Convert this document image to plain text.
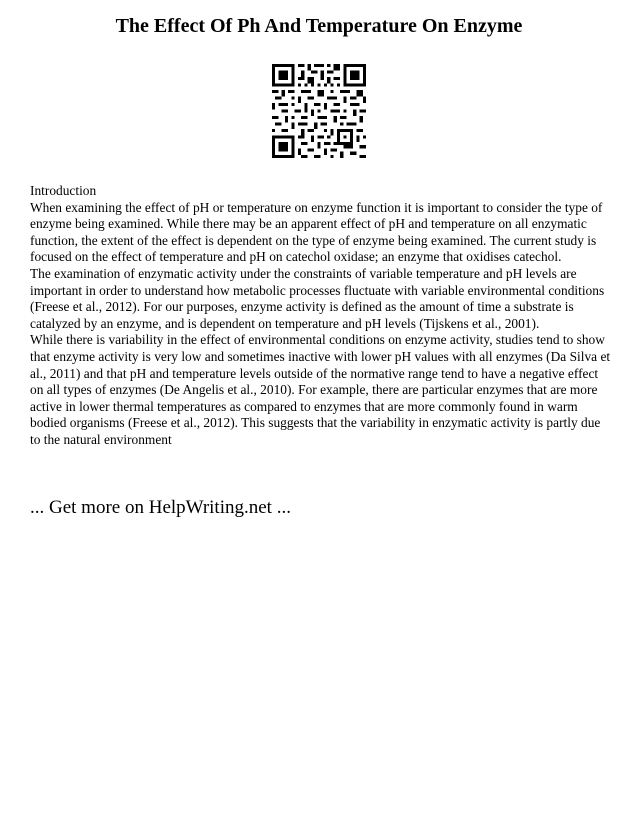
The Effect Of Ph And Temperature On Enzyme

Introduction

When examining the effect of pH or temperature on enzyme function it is important to consider the type of enzyme being examined. While there may be an apparent effect of pH and temperature on all enzymatic function, the extent of the effect is dependent on the type of enzyme being examined. The current study is focused on the effect of temperature and pH on catechol oxidase; an enzyme that oxidises catechol.

The examination of enzymatic activity under the constraints of variable temperature and pH levels are important in order to understand how metabolic processes fluctuate with variable environmental conditions (Freese et al., 2012). For our purposes, enzyme activity is defined as the amount of time a substrate is catalyzed by an enzyme, and is dependent on temperature and pH levels (Tijskens et al., 2001).

While there is variability in the effect of environmental conditions on enzyme activity, studies tend to show that enzyme activity is very low and sometimes inactive with lower pH values with all enzymes (Da Silva et al., 2011) and that pH and temperature levels outside of the normative range tend to have a negative effect on all types of enzymes (De Angelis et al., 2010). For example, there are particular enzymes that are more active in lower thermal temperatures as compared to enzymes that are more commonly found in warm bodied organisms (Freese et al., 2012). This suggests that the variability in enzymatic activity is partly due to the natural environment

... Get more on HelpWriting.net ...
